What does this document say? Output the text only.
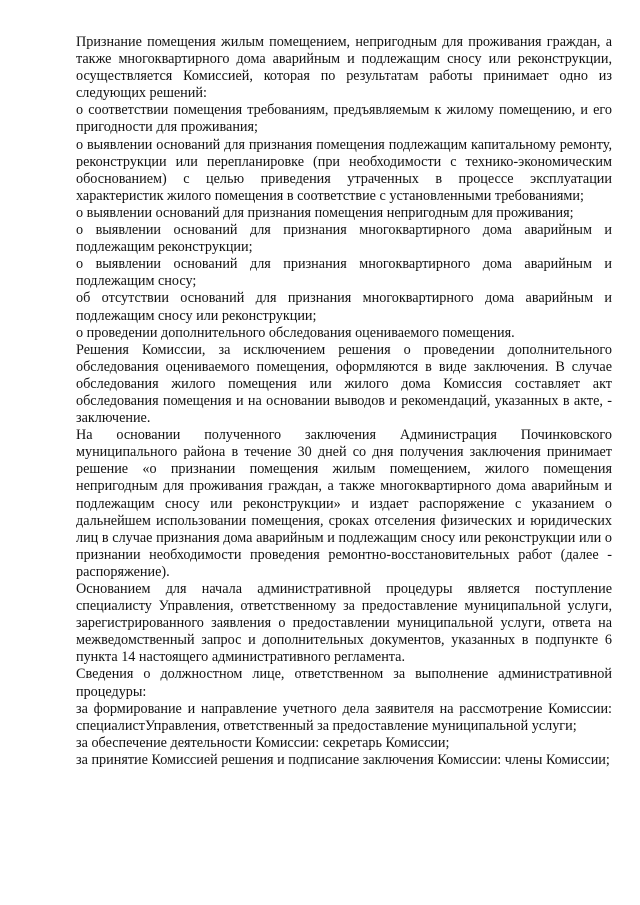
Признание помещения жилым помещением, непригодным для проживания граждан, а также многоквартирного дома аварийным и подлежащим сносу или реконструкции, осуществляется Комиссией, которая по результатам работы принимает одно из следующих решений:

о соответствии помещения требованиям, предъявляемым к жилому помещению, и его пригодности для проживания;

о выявлении оснований для признания помещения подлежащим капитальному ремонту, реконструкции или перепланировке (при необходимости с технико-экономическим обоснованием) с целью приведения утраченных в процессе эксплуатации характеристик жилого помещения в соответствие с установленными требованиями;

о выявлении оснований для признания помещения непригодным для проживания;

о выявлении оснований для признания многоквартирного дома аварийным и подлежащим реконструкции;

о выявлении оснований для признания многоквартирного дома аварийным и подлежащим сносу;

об отсутствии оснований для признания многоквартирного дома аварийным и подлежащим сносу или реконструкции;

о проведении дополнительного обследования оцениваемого помещения.

Решения Комиссии, за исключением решения о проведении дополнительного обследования оцениваемого помещения, оформляются в виде заключения. В случае обследования жилого помещения или жилого дома Комиссия составляет акт обследования помещения и на основании выводов и рекомендаций, указанных в акте, - заключение.

На основании полученного заключения Администрация Починковского муниципального района в течение 30 дней со дня получения заключения принимает решение «о признании помещения жилым помещением, жилого помещения непригодным для проживания граждан, а также многоквартирного дома аварийным и подлежащим сносу или реконструкции» и издает распоряжение с указанием о дальнейшем использовании помещения, сроках отселения физических и юридических лиц в случае признания дома аварийным и подлежащим сносу или реконструкции или о признании необходимости проведения ремонтно-восстановительных работ (далее - распоряжение).

Основанием для начала административной процедуры является поступление специалисту Управления, ответственному за предоставление муниципальной услуги, зарегистрированного заявления о предоставлении муниципальной услуги, ответа на межведомственный запрос и дополнительных документов, указанных в подпункте 6 пункта 14 настоящего административного регламента.

Сведения о должностном лице, ответственном за выполнение административной процедуры:

за формирование и направление учетного дела заявителя на рассмотрение Комиссии: специалистУправления, ответственный за предоставление муниципальной услуги;

за обеспечение деятельности Комиссии: секретарь Комиссии;

за принятие Комиссией решения и подписание заключения Комиссии: члены Комиссии;
